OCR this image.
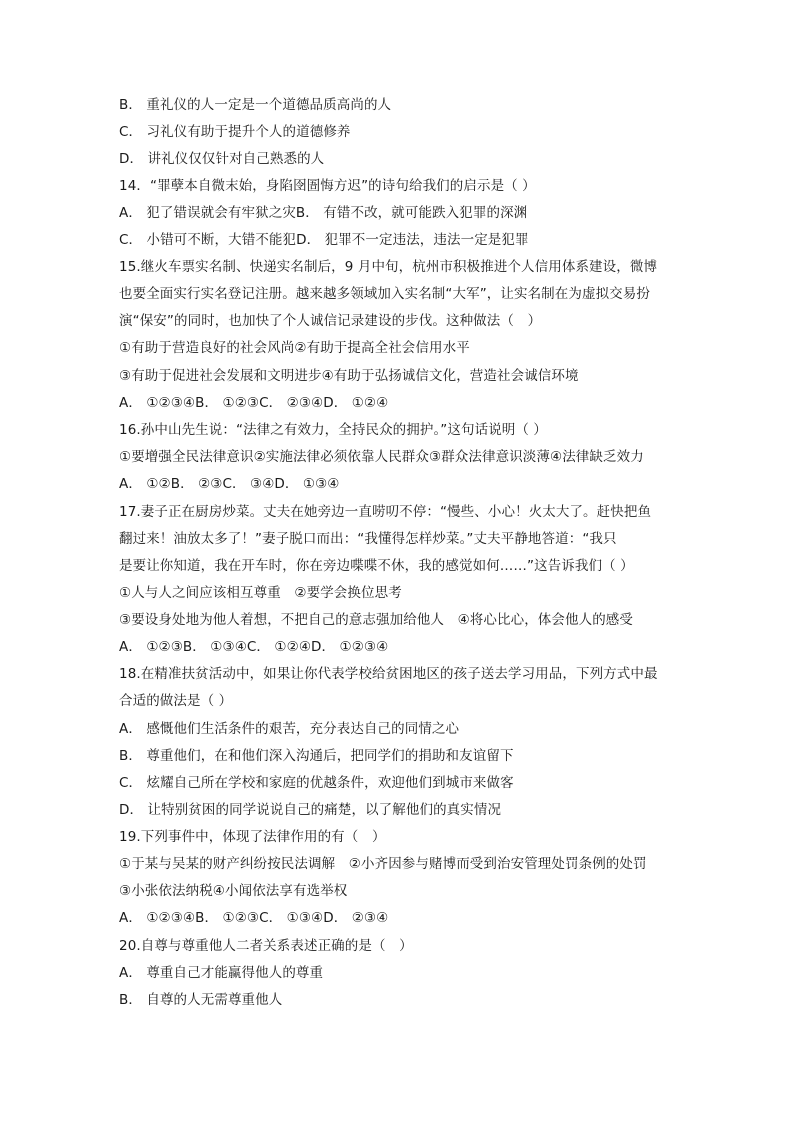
B． 重礼仪的人一定是一个道德品质高尚的人
C． 习礼仪有助于提升个人的道德修养
D． 讲礼仪仅仅针对自己熟悉的人
14．“罪孽本自微末始，身陷囹圄悔方迟”的诗句给我们的启示是（ ）
A． 犯了错误就会有牢狱之灾B． 有错不改，就可能跌入犯罪的深渊
C． 小错可不断，大错不能犯D． 犯罪不一定违法，违法一定是犯罪
15.继火车票实名制、快递实名制后，9 月中旬，杭州市积极推进个人信用体系建设，微博
也要全面实行实名登记注册。越来越多领域加入实名制“大军”，让实名制在为虚拟交易扮
演“保安”的同时，也加快了个人诚信记录建设的步伐。这种做法（　）
①有助于营造良好的社会风尚②有助于提高全社会信用水平
③有助于促进社会发展和文明进步④有助于弘扬诚信文化，营造社会诚信环境
A． ①②③④B． ①②③C． ②③④D． ①②④
16.孙中山先生说：“法律之有效力，全持民众的拥护。”这句话说明（ ）
①要增强全民法律意识②实施法律必须依靠人民群众③群众法律意识淡薄④法律缺乏效力
A． ①②B． ②③C． ③④D． ①③④
17.妻子正在厨房炒菜。丈夫在她旁边一直唠叨不停：“慢些、小心！火太大了。赶快把鱼
翻过来！油放太多了！”妻子脱口而出：“我懂得怎样炒菜。”丈夫平静地答道：“我只
是要让你知道，我在开车时，你在旁边喋喋不休，我的感觉如何……”这告诉我们（ ）
①人与人之间应该相互尊重　②要学会换位思考
③要设身处地为他人着想，不把自己的意志强加给他人　④将心比心，体会他人的感受
A． ①②③B． ①③④C． ①②④D． ①②③④
18.在精准扶贫活动中，如果让你代表学校给贫困地区的孩子送去学习用品，下列方式中最
合适的做法是（ ）
A． 感慨他们生活条件的艰苦，充分表达自己的同情之心
B． 尊重他们，在和他们深入沟通后，把同学们的捐助和友谊留下
C． 炫耀自己所在学校和家庭的优越条件，欢迎他们到城市来做客
D． 让特别贫困的同学说说自己的痛楚，以了解他们的真实情况
19.下列事件中，体现了法律作用的有（　）
①于某与吴某的财产纠纷按民法调解　②小齐因参与赌博而受到治安管理处罚条例的处罚
③小张依法纳税④小闻依法享有选举权
A． ①②③④B． ①②③C． ①③④D． ②③④
20.自尊与尊重他人二者关系表述正确的是（　）
A． 尊重自己才能赢得他人的尊重
B． 自尊的人无需尊重他人
